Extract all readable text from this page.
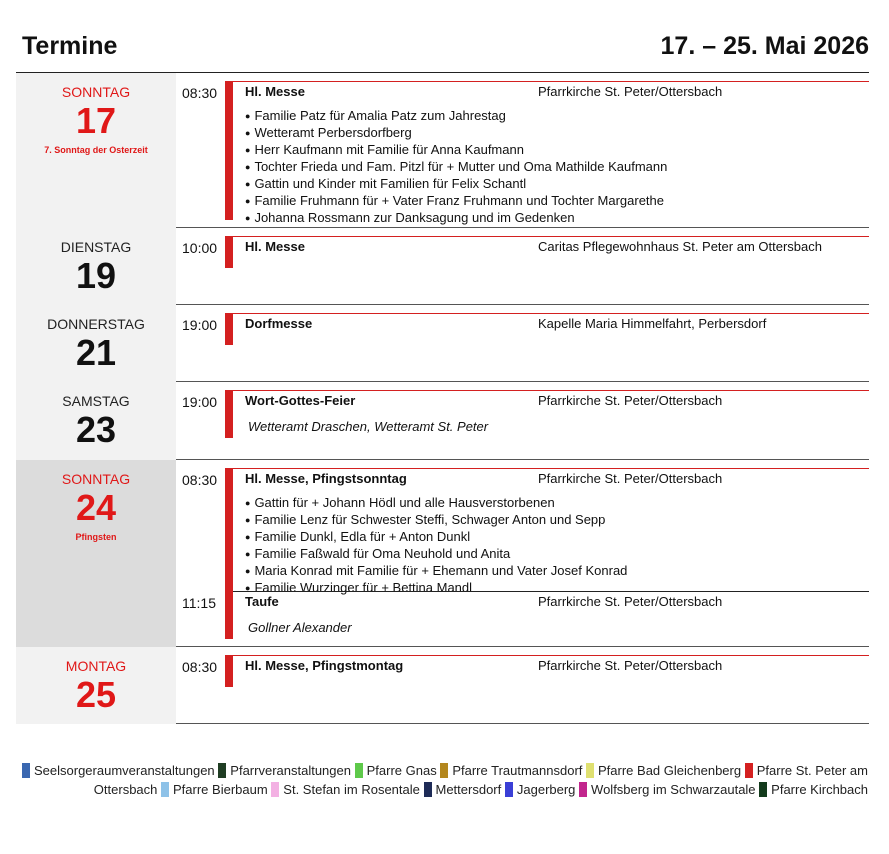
Termine	17. – 25. Mai 2026
SONNTAG
17
7. Sonntag der Osterzeit
08:30 Hl. Messe	Pfarrkirche St. Peter/Ottersbach
● Familie Patz für Amalia Patz zum Jahrestag
● Wetteramt Perbersdorfberg
● Herr Kaufmann mit Familie für Anna Kaufmann
● Tochter Frieda und Fam. Pitzl für + Mutter und Oma Mathilde Kaufmann
● Gattin und Kinder mit Familien für Felix Schantl
● Familie Fruhmann für + Vater Franz Fruhmann und Tochter Margarethe
● Johanna Rossmann zur Danksagung und im Gedenken
DIENSTAG
19
10:00 Hl. Messe	Caritas Pflegewohnhaus St. Peter am Ottersbach
DONNERSTAG
21
19:00 Dorfmesse	Kapelle Maria Himmelfahrt, Perbersdorf
SAMSTAG
23
19:00 Wort-Gottes-Feier	Pfarrkirche St. Peter/Ottersbach
Wetteramt Draschen, Wetteramt St. Peter
SONNTAG
24
Pfingsten
08:30 Hl. Messe, Pfingstsonntag	Pfarrkirche St. Peter/Ottersbach
● Gattin für + Johann Hödl und alle Hausverstorbenen
● Familie Lenz für Schwester Steffi, Schwager Anton und Sepp
● Familie Dunkl, Edla für + Anton Dunkl
● Familie Faßwald für Oma Neuhold und Anita
● Maria Konrad mit Familie für + Ehemann und Vater Josef Konrad
● Familie Wurzinger für + Bettina Mandl
11:15 Taufe	Pfarrkirche St. Peter/Ottersbach
Gollner Alexander
MONTAG
25
08:30 Hl. Messe, Pfingstmontag	Pfarrkirche St. Peter/Ottersbach
Seelsorgeraumveranstaltungen Pfarrveranstaltungen Pfarre Gnas Pfarre Trautmannsdorf Pfarre Bad Gleichenberg Pfarre St. Peter am Ottersbach Pfarre Bierbaum St. Stefan im Rosentale Mettersdorf Jagerberg Wolfsberg im Schwarzautale Pfarre Kirchbach
